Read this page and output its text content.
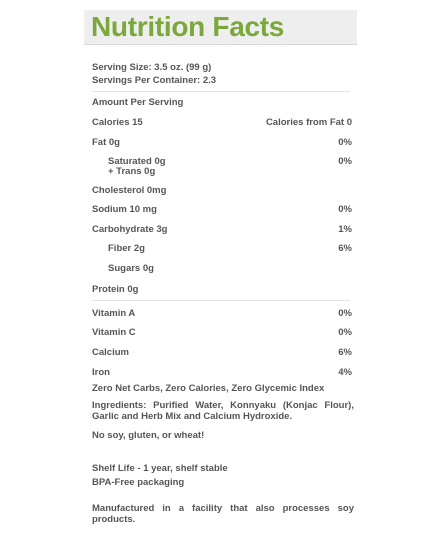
Nutrition Facts
Serving Size: 3.5 oz. (99 g)
Servings Per Container: 2.3
Amount Per Serving
Calories 15	Calories from Fat 0
Fat 0g	0%
Saturated 0g	0%
+ Trans 0g
Cholesterol 0mg
Sodium 10 mg	0%
Carbohydrate 3g	1%
Fiber 2g	6%
Sugars 0g
Protein 0g
Vitamin A	0%
Vitamin C	0%
Calcium	6%
Iron	4%
Zero Net Carbs, Zero Calories, Zero Glycemic Index
Ingredients: Purified Water, Konnyaku (Konjac Flour), Garlic and Herb Mix and Calcium Hydroxide.
No soy, gluten, or wheat!
Shelf Life - 1 year, shelf stable
BPA-Free packaging
Manufactured in a facility that also processes soy products.
